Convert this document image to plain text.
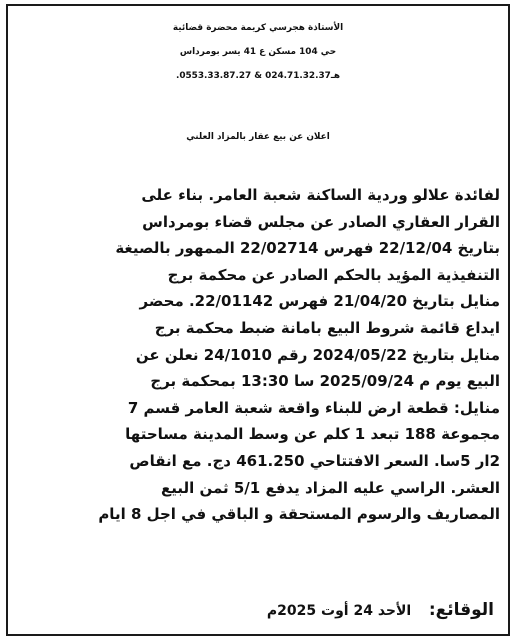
الأستاذة هجرسي كريمة محضرة قضائية
حي 104 مسكن ع 41 يسر بومرداس
هـ024.71.32.37 & 0553.33.87.27.
اعلان عن بيع عقار بالمزاد العلني
لفائدة علالو وردية الساكنة شعبة العامر. بناء على
القرار العقاري الصادر عن مجلس قضاء بومرداس
بتاريخ 22/12/04 فهرس 22/02714 الممهور بالصيغة
التنفيذية المؤيد بالحكم الصادر عن محكمة برج
منايل بتاريخ 21/04/20 فهرس 22/01142. محضر
ايداع قائمة شروط البيع بامانة ضبط محكمة برج
منايل بتاريخ 2024/05/22 رقم 24/1010 نعلن عن
البيع يوم م 2025/09/24 سا 13:30 بمحكمة برج
منايل: قطعة ارض للبناء واقعة شعبة العامر قسم 7
مجموعة 188 تبعد 1 كلم عن وسط المدينة مساحتها
2ار 5سا. السعر الافتتاحي 461.250 دج. مع انقاص
العشر. الراسي عليه المزاد يدفع 5/1 ثمن البيع
المصاريف والرسوم المستحقة و الباقي في اجل 8 ايام
الوقائع: الأحد 24 أوت 2025م
